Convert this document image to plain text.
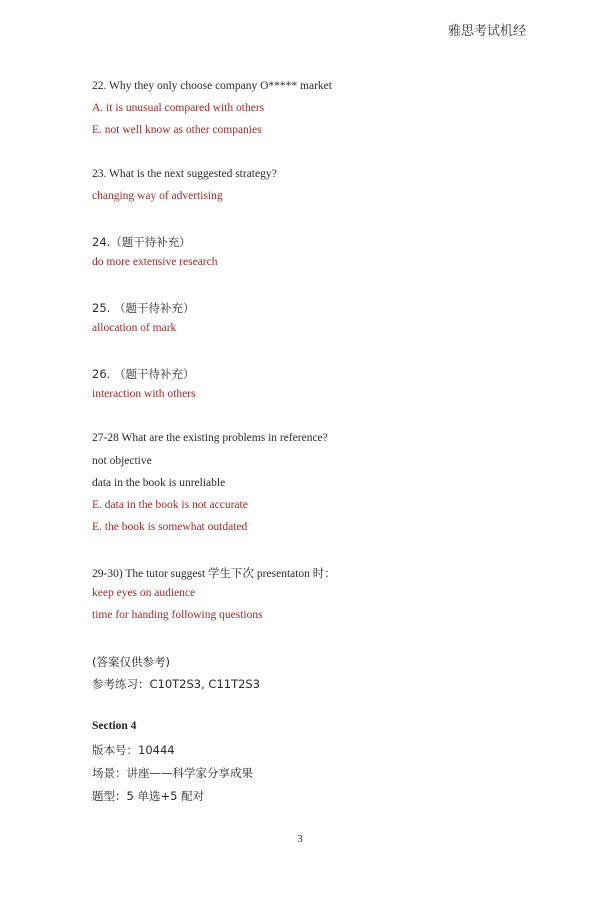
雅思考试机经
22. Why they only choose company O***** market
A. it is unusual compared with others
E. not well know as other companies
23. What is the next suggested strategy?
changing way of advertising
24.（题干待补充）
do more extensive research
25. （题干待补充）
allocation of mark
26. （题干待补充）
interaction with others
27-28 What are the existing problems in reference?
not objective
data in the book is unreliable
E. data in the book is not accurate
E. the book is somewhat outdated
29-30) The tutor suggest 学生下次 presentaton 时：
keep eyes on audience
time for handing following questions
(答案仅供参考)
参考练习：C10T2S3, C11T2S3
Section 4
版本号：10444
场景：讲座——科学家分享成果
题型：5 单选+5 配对
3
